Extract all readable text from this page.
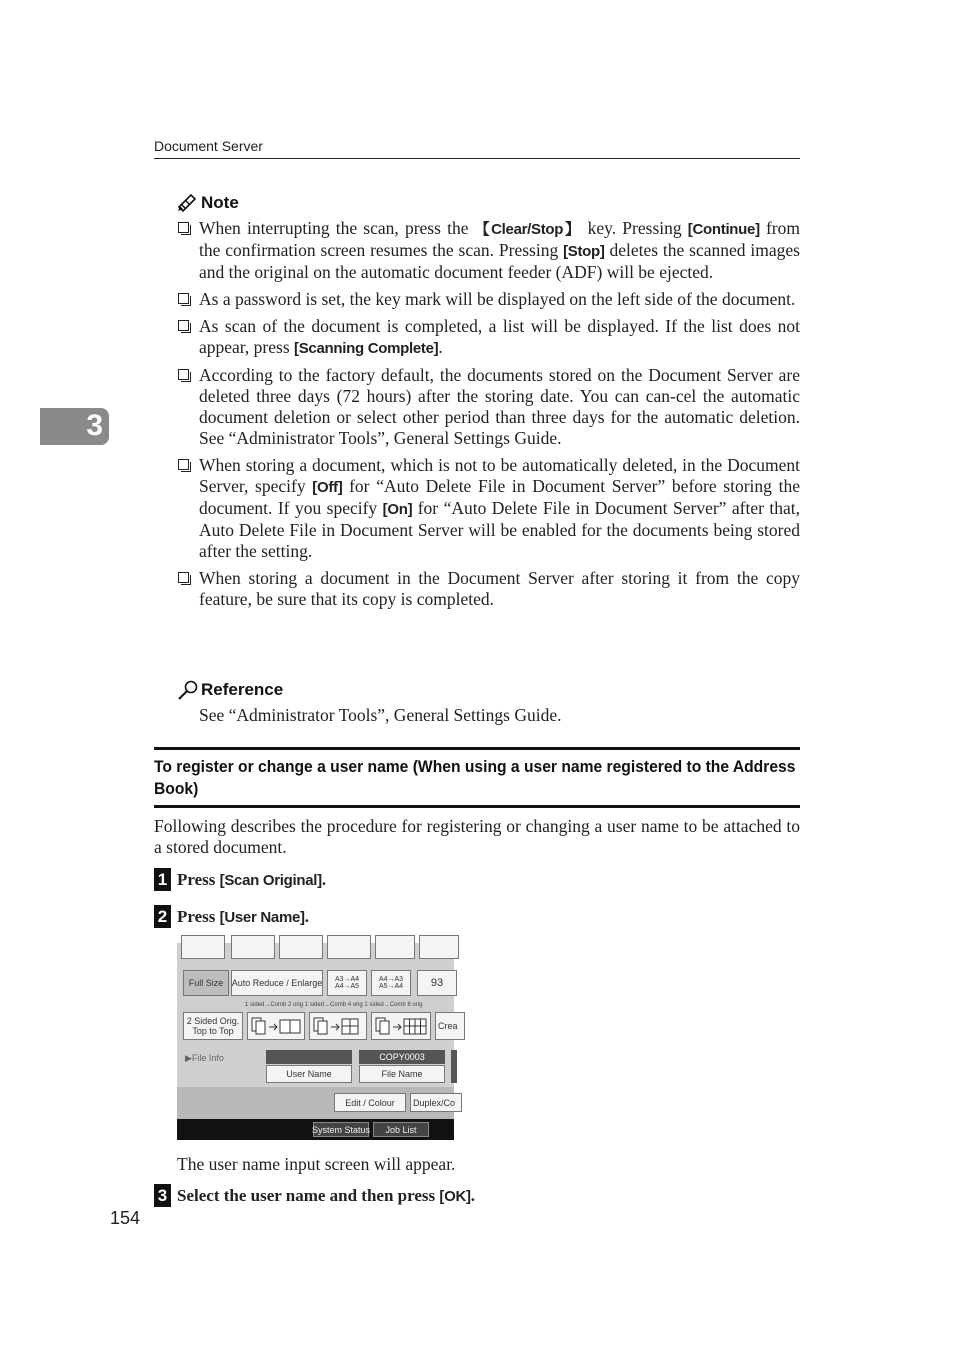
Document Server
3
Note
When interrupting the scan, press the 【Clear/Stop】 key. Pressing [Continue] from the confirmation screen resumes the scan. Pressing [Stop] deletes the scanned images and the original on the automatic document feeder (ADF) will be ejected.
As a password is set, the key mark will be displayed on the left side of the document.
As scan of the document is completed, a list will be displayed. If the list does not appear, press [Scanning Complete].
According to the factory default, the documents stored on the Document Server are deleted three days (72 hours) after the storing date. You can can-cel the automatic document deletion or select other period than three days for the automatic deletion. See “Administrator Tools”, General Settings Guide.
When storing a document, which is not to be automatically deleted, in the Document Server, specify [Off] for “Auto Delete File in Document Server” before storing the document. If you specify [On] for “Auto Delete File in Document Server” after that, Auto Delete File in Document Server will be enabled for the documents being stored after the setting.
When storing a document in the Document Server after storing it from the copy feature, be sure that its copy is completed.
Reference
See “Administrator Tools”, General Settings Guide.
To register or change a user name (When using a user name registered to the Address Book)
Following describes the procedure for registering or changing a user name to be attached to a stored document.
1 Press [Scan Original].
2 Press [User Name].
Full Size Auto Reduce / Enlarge A3→A4
A4→A5
A4→A3
A5→A4	93
1 sided→Comb 2 orig 1 sided→Comb 4 orig 1 sided→Comb 8 orig
2 Sided Orig.
Top to Top	Crea
▶File Info
User Name
COPY0003
File Name
Edit / Colour	Duplex/Co
System Status	Job List
The user name input screen will appear.
3 Select the user name and then press [OK].
154
